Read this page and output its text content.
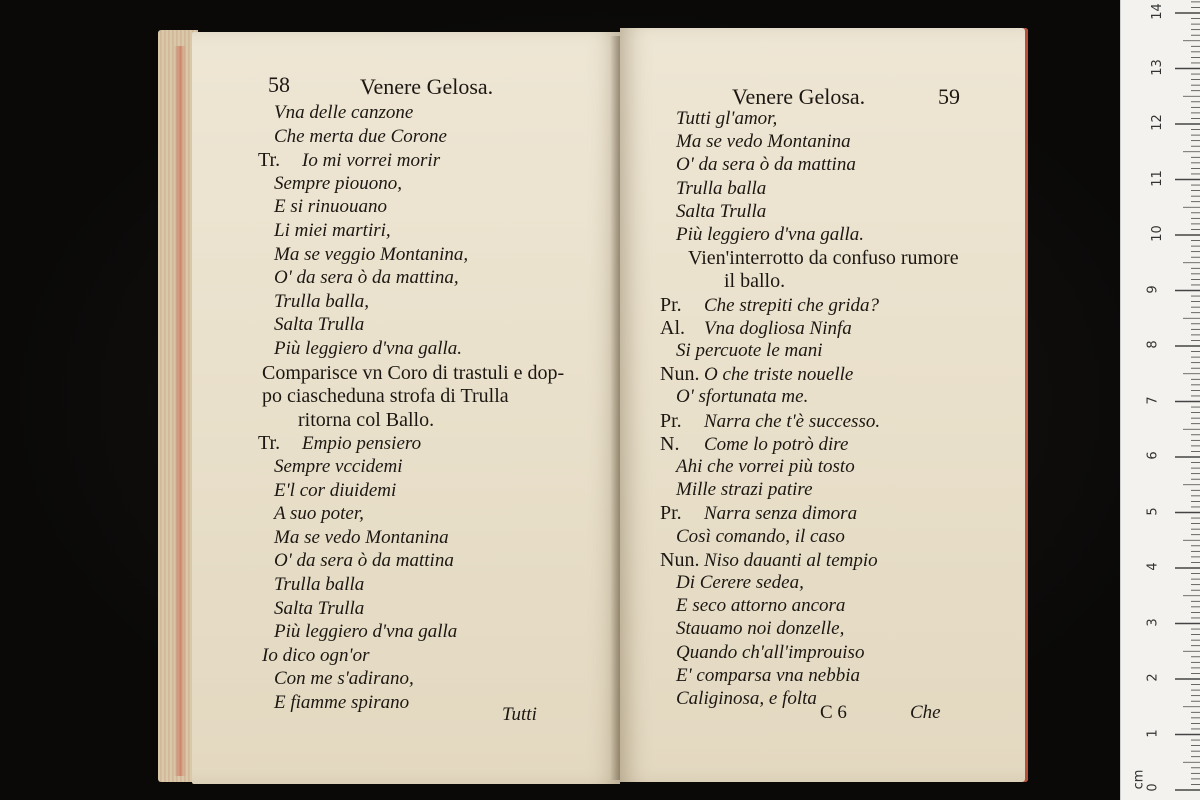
58	Venere Gelosa.
Vna delle canzone
Che merta due Corone
Tr. Io mi vorrei morir
Sempre piouono,
E si rinuouano
Li miei martiri,
Ma se veggio Montanina,
O' da sera ò da mattina,
Trulla balla,
Salta Trulla
Più leggiero d'vna galla.
Comparisce vn Coro di trastuli e dop-
po ciascheduna strofa di Trulla
ritorna col Ballo.
Tr. Empio pensiero
Sempre vccidemi
E'l cor diuidemi
A suo poter,
Ma se vedo Montanina
O' da sera ò da mattina
Trulla balla
Salta Trulla
Più leggiero d'vna galla
Io dico ogn'or
Con me s'adirano,
E fiamme spirano
Tutti
Venere Gelosa.	59
Tutti gl'amor,
Ma se vedo Montanina
O' da sera ò da mattina
Trulla balla
Salta Trulla
Più leggiero d'vna galla.
Vien'interrotto da confuso rumore
il ballo.
Pr. Che strepiti che grida?
Al. Vna dogliosa Ninfa
Si percuote le mani
Nun. O che triste nouelle
O' sfortunata me.
Pr. Narra che t'è successo.
N. Come lo potrò dire
Ahi che vorrei più tosto
Mille strazi patire
Pr. Narra senza dimora
Così comando, il caso
Nun. Niso dauanti al tempio
Di Cerere sedea,
E seco attorno ancora
Stauamo noi donzelle,
Quando ch'all'improuiso
E' comparsa vna nebbia
Caliginosa, e folta
C 6	Che
14
13
12
11
10
9
8
7
6
5
4
3
2
1
0
cm
